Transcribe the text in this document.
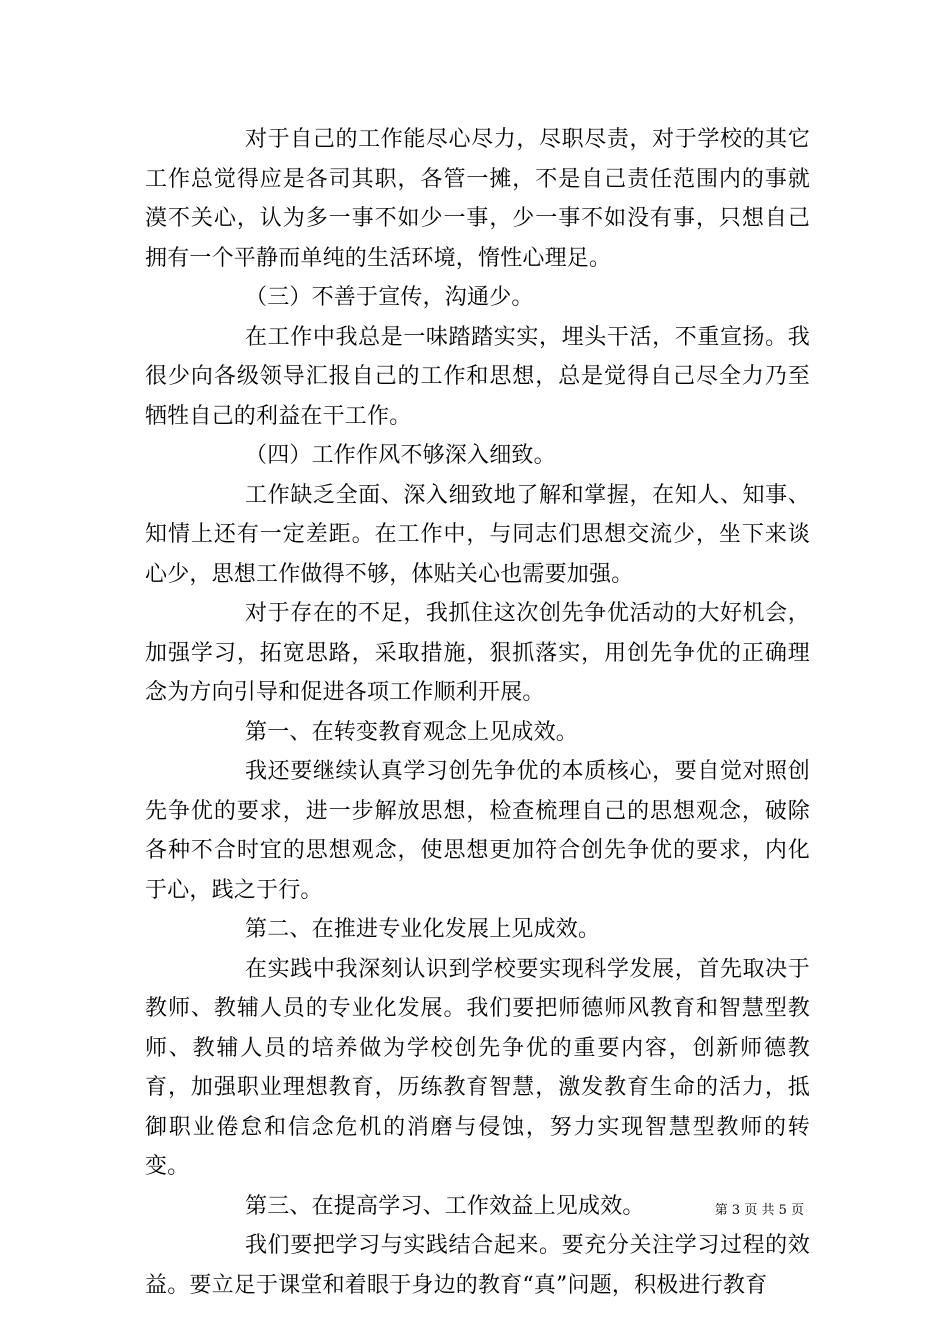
对于自己的工作能尽心尽力，尽职尽责，对于学校的其它工作总觉得应是各司其职，各管一摊，不是自己责任范围内的事就漠不关心，认为多一事不如少一事，少一事不如没有事，只想自己拥有一个平静而单纯的生活环境，惰性心理足。

（三）不善于宣传，沟通少。

在工作中我总是一味踏踏实实，埋头干活，不重宣扬。我很少向各级领导汇报自己的工作和思想，总是觉得自己尽全力乃至牺牲自己的利益在干工作。

（四）工作作风不够深入细致。

工作缺乏全面、深入细致地了解和掌握，在知人、知事、知情上还有一定差距。在工作中，与同志们思想交流少，坐下来谈心少，思想工作做得不够，体贴关心也需要加强。

对于存在的不足，我抓住这次创先争优活动的大好机会，加强学习，拓宽思路，采取措施，狠抓落实，用创先争优的正确理念为方向引导和促进各项工作顺利开展。

第一、在转变教育观念上见成效。

我还要继续认真学习创先争优的本质核心，要自觉对照创先争优的要求，进一步解放思想，检查梳理自己的思想观念，破除各种不合时宜的思想观念，使思想更加符合创先争优的要求，内化于心，践之于行。

第二、在推进专业化发展上见成效。

在实践中我深刻认识到学校要实现科学发展，首先取决于教师、教辅人员的专业化发展。我们要把师德师风教育和智慧型教师、教辅人员的培养做为学校创先争优的重要内容，创新师德教育，加强职业理想教育，历练教育智慧，激发教育生命的活力，抵御职业倦怠和信念危机的消磨与侵蚀，努力实现智慧型教师的转变。

第三、在提高学习、工作效益上见成效。

我们要把学习与实践结合起来。要充分关注学习过程的效益。要立足于课堂和着眼于身边的教育“真”问题，积极进行教育

第 3 页 共 5 页
